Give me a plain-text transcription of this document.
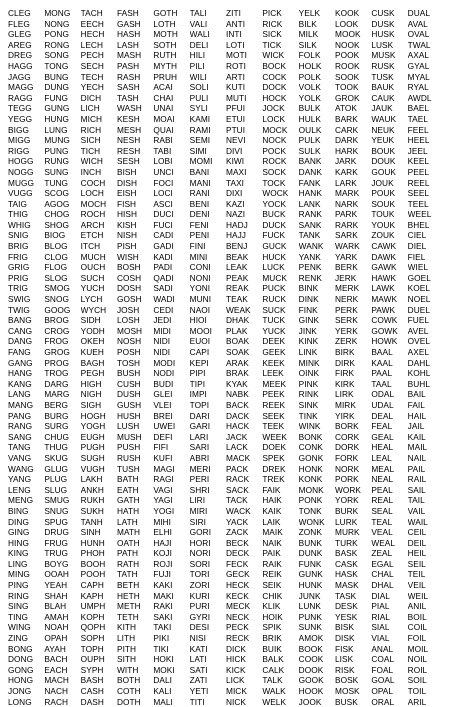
CLEG	MONG	TACH	FASH	GOTH	TALI	ZITI	PICK	YELK	KOOK	CUSK	DUAL
FLEG	NONG	EECH	GASH	LOTH	VALI	ANTI	RICK	BILK	LOOK	DUSK	AVAL
GLEG	PONG	HECH	HASH	MOTH	WALI	INTI	SICK	MILK	MOOK	HUSK	OVAL
AREG	RONG	LECH	LASH	SOTH	DELI	LOTI	TICK	SILK	NOOK	LUSK	TWAL
DREG	SONG	PECH	MASH	RUTH	HILI	MOTI	WICK	FOLK	POOK	MUSK	AXAL
HAGG	TONG	SECH	PASH	MYTH	PILI	ROTI	BOCK	HOLK	ROOK	RUSK	GYAL
JAGG	BUNG	TECH	RASH	PRUH	WILI	ARTI	COCK	POLK	SOOK	TUSK	MYAL
MAGG	DUNG	YECH	SASH	ACAI	SOLI	KUTI	DOCK	VOLK	TOOK	BAUK	RYAL
RAGG	FUNG	DICH	TASH	CHAI	PULI	MUTI	HOCK	YOLK	GROK	CAUK	AWDL
TEGG	GUNG	LICH	WASH	UNAI	SYLI	PFUI	JOCK	BULK	ATOK	JAUK	BAEL
YEGG	HUNG	MICH	KESH	MOAI	KAMI	ETUI	LOCK	HULK	BARK	WAUK	TAEL
BIGG	LUNG	RICH	MESH	QUAI	RAMI	PTUI	MOCK	OULK	CARK	NEUK	FEEL
MIGG	MUNG	SICH	NESH	RABI	SEMI	NEVI	NOCK	PULK	DARK	YEUK	HEEL
RIGG	PUNG	TICH	RESH	TABI	SIMI	DIVI	POCK	SULK	HARK	BOUK	JEEL
HOGG	RUNG	WICH	SESH	LOBI	MOMI	KIWI	ROCK	BANK	JARK	DOUK	KEEL
NOGG	SUNG	INCH	BISH	UNCI	BANI	MAXI	SOCK	DANK	KARK	GOUK	PEEL
MUGG	TUNG	COCH	DISH	FOCI	MANI	TAXI	TOCK	FANK	LARK	JOUK	REEL
VUGG	SCOG	LOCH	EISH	LOCI	RANI	DIXI	WOCK	HANK	MARK	POUK	SEEL
TAIG	AGOG	MOCH	FISH	ASCI	BENI	KAZI	YOCK	LANK	NARK	SOUK	TEEL
THIG	CHOG	ROCH	HISH	DUCI	DENI	NAZI	BUCK	RANK	PARK	TOUK	WEEL
WHIG	SHOG	ARCH	KISH	FUCI	FENI	HADJ	DUCK	SANK	RARK	YOUK	BHEL
SNIG	BIOG	ETCH	NISH	CADI	PENI	HAJJ	FUCK	TANK	SARK	ZOUK	CIEL
BRIG	BLOG	ITCH	PISH	GADI	FINI	BENJ	GUCK	WANK	WARK	CAWK	DIEL
FRIG	CLOG	MUCH	WISH	KADI	MINI	BEAK	HUCK	YANK	YARK	DAWK	FIEL
GRIG	FLOG	OUCH	BOSH	PADI	CONI	LEAK	LUCK	PENK	BERK	GAWK	WIEL
PRIG	SLOG	SUCH	COSH	QADI	NONI	PEAK	MUCK	RENK	JERK	HAWK	GOEL
TRIG	SMOG	YUCH	DOSH	SADI	YONI	REAK	PUCK	BINK	MERK	LAWK	KOEL
SWIG	SNOG	LYCH	GOSH	WADI	MUNI	TEAK	RUCK	DINK	NERK	MAWK	NOEL
TWIG	GOOG	WYCH	JOSH	CEDI	NAOI	WEAK	SUCK	FINK	PERK	PAWK	DUEL
BANG	BROG	SIDH	LOSH	JEDI	HIOI	DHAK	TUCK	GINK	SERK	COWK	FUEL
CANG	CROG	YODH	MOSH	MIDI	MOOI	PLAK	YUCK	JINK	YERK	GOWK	AVEL
DANG	FROG	OKEH	NOSH	NIDI	EUOI	BOAK	DEEK	KINK	ZERK	HOWK	OVEL
FANG	GROG	KUEH	POSH	NIDI	CAPI	SOAK	GEEK	LINK	BIRK	BAAL	AXEL
GANG	PROG	BAGH	TOSH	MODI	KEPI	ARAK	KEEK	MINK	DIRK	KAAL	DAHL
HANG	TROG	PEGH	BUSH	NODI	PIPI	BRAK	LEEK	OINK	FIRK	PAAL	KOHL
KANG	DARG	HIGH	CUSH	BUDI	TIPI	KYAK	MEEK	PINK	KIRK	TAAL	BUHL
LANG	MARG	NIGH	DUSH	GLEI	IMPI	NABK	PEEK	RINK	LIRK	ODAL	BAIL
MANG	BERG	SIGH	GUSH	VLEI	TOPI	BACK	REEK	SINK	MIRK	UDAL	FAIL
PANG	BURG	HOGH	HUSH	BREI	DARI	DACK	SEEK	TINK	YIRK	DEAL	HAIL
RANG	SURG	YOGH	LUSH	UWEI	GARI	HACK	TEEK	WINK	BORK	FEAL	JAIL
SANG	CHUG	EUGH	MUSH	DEFI	LARI	JACK	WEEK	BONK	CORK	GEAL	KAIL
TANG	THUG	PUGH	PUSH	FIFI	SARI	LACK	DOEK	CONK	DORK	HEAL	MAIL
VANG	SKUG	SUGH	RUSH	KUFI	ABRI	MACK	SPEK	GONK	FORK	LEAL	NAIL
WANG	GLUG	VUGH	TUSH	MAGI	MERI	PACK	DREK	HONK	NORK	MEAL	PAIL
YANG	PLUG	LAKH	BATH	RAGI	PERI	RACK	TREK	KONK	PORK	NEAL	RAIL
LENG	SLUG	ANKH	EATH	VAGI	SHRI	SACK	FAIK	MONK	WORK	PEAL	SAIL
MENG	SMUG	RUKH	GATH	YAGI	LIRI	TACK	HAIK	PONK	YORK	REAL	TAIL
BING	SNUG	SUKH	HATH	YOGI	MIRI	WACK	KAIK	TONK	BURK	SEAL	VAIL
DING	SPUG	TANH	LATH	MIHI	SIRI	YACK	LAIK	WONK	LURK	TEAL	WAIL
GING	DRUG	SINH	MATH	ELHI	GORI	ZACK	MAIK	ZONK	MURK	VEAL	CEIL
HING	FRUG	HUNH	OATH	HAJI	HORI	BECK	NAIK	BUNK	TURK	WEAL	DEIL
KING	TRUG	PHOH	PATH	KOJI	NORI	DECK	PAIK	DUNK	BASK	ZEAL	HEIL
LING	BOYG	BOOH	RATH	ROJI	SORI	FECK	RAIK	FUNK	CASK	EGAL	SEIL
MING	OOAH	POOH	TATH	FUJI	TORI	GECK	REIK	GUNK	HASK	CHAL	TEIL
PING	YEAH	CAPH	BETH	KAKI	ZORI	HECK	SEIK	HUNK	MASK	DHAL	VEIL
RING	SHAH	KAPH	HETH	MAKI	KURI	KECK	CHIK	JUNK	TASK	DIAL	WEIL
SING	BLAH	UMPH	METH	RAKI	PURI	MECK	KLIK	LUNK	DESK	PIAL	ANIL
TING	AMAH	KOPH	TETH	SAKI	GYRI	NECK	HOIK	PUNK	YESK	RIAL	BOIL
WING	NOAH	QOPH	KITH	TAKI	DESI	PECK	SPIK	SUNK	BISK	SIAL	COIL
ZING	OPAH	SOPH	LITH	PIKI	NISI	RECK	BRIK	AMOK	DISK	VIAL	FOIL
BONG	AYAH	TOPH	PITH	TIKI	KATI	DICK	BUIK	BOOK	FISK	ANAL	MOIL
DONG	BACH	OUPH	SITH	HOKI	LATI	HICK	BALK	COOK	LISK	COAL	NOIL
GONG	EACH	SYPH	WITH	MOKI	SATI	KICK	CALK	DOOK	RISK	FOAL	ROIL
HONG	MACH	BASH	BOTH	DALI	ZATI	LICK	TALK	GOOK	BOSK	GOAL	SOIL
JONG	NACH	CASH	COTH	KALI	YETI	MICK	WALK	HOOK	MOSK	OPAL	TOIL
LONG	RACH	DASH	DOTH	MALI	TITI	NICK	WELK	JOOK	BUSK	ORAL	ARIL
